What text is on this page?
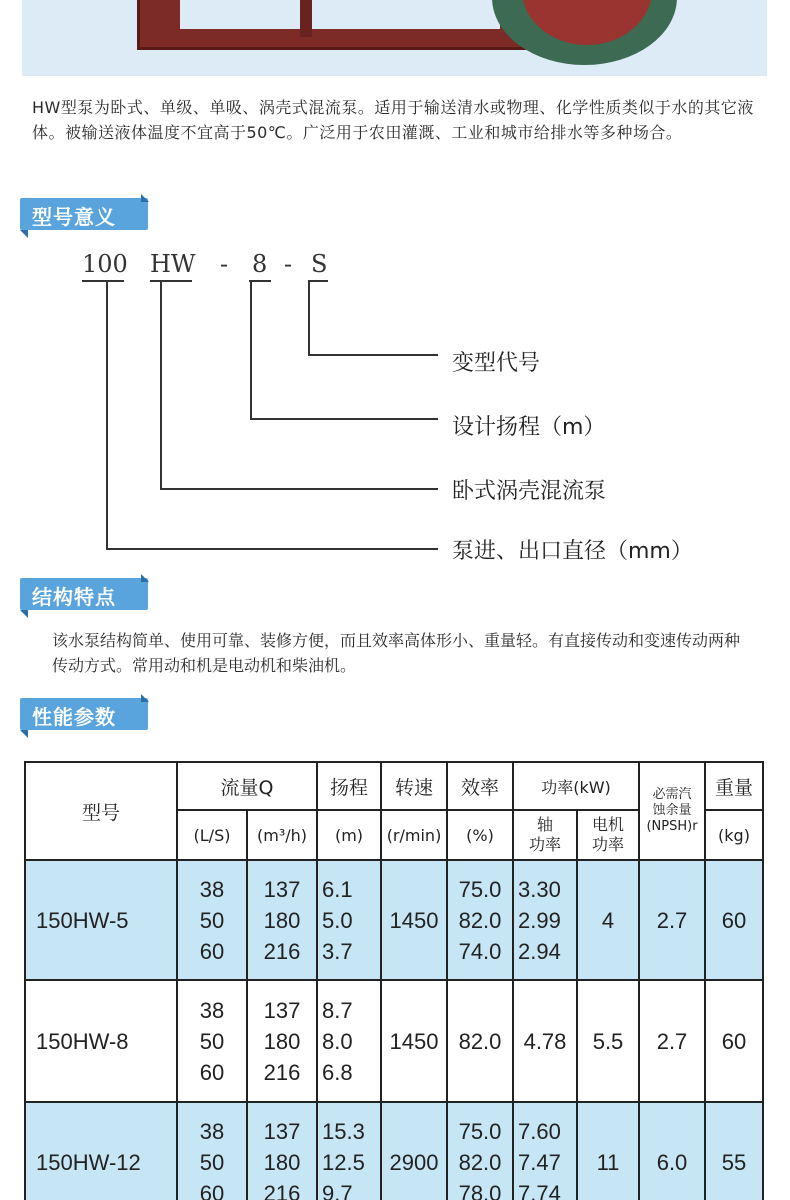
HW型泵为卧式、单级、单吸、涡壳式混流泵。适用于输送清水或物理、化学性质类似于水的其它液体。被输送液体温度不宜高于50℃。广泛用于农田灌溉、工业和城市给排水等多种场合。

型号意义
100 HW - 8 - S
变型代号
设计扬程（m）
卧式涡壳混流泵
泵进、出口直径（mm）
结构特点

该水泵结构简单、使用可靠、装修方便，而且效率高体形小、重量轻。有直接传动和变速传动两种传动方式。常用动和机是电动机和柴油机。

性能参数
型号	流量Q		扬程	转速	效率	功率(kW)		必需汽
蚀余量
(NPSH)r	重量
	(L/S)	(m³/h)	(m)	(r/min)	(%)	轴
功率	电机
功率		(kg)
150HW-5	38
50
60	137
180
216	6.1
5.0
3.7	1450	75.0
82.0
74.0	3.30
2.99
2.94	4	2.7	60
150HW-8	38
50
60	137
180
216	8.7
8.0
6.8	1450	82.0	4.78	5.5	2.7	60
150HW-12	38
50
60	137
180
216	15.3
12.5
9.7	2900	75.0
82.0
78.0	7.60
7.47
7.74	11	6.0	55
